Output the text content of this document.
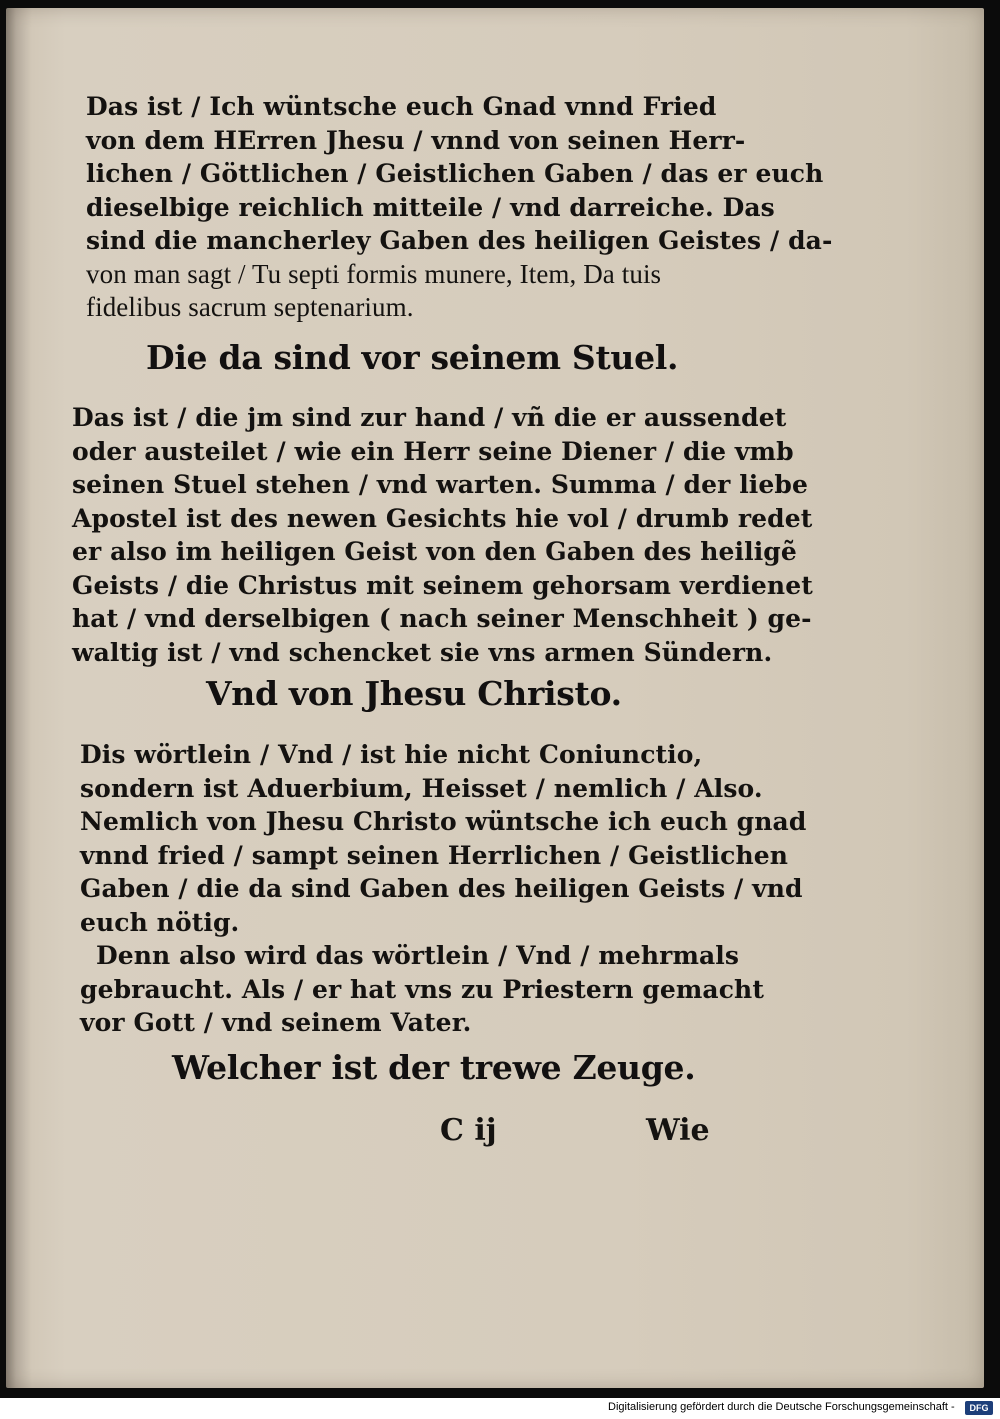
Das ist / Ich wüntsche euch Gnad vnnd Fried
von dem HErren Jhesu / vnnd von seinen Herr-
lichen / Göttlichen / Geistlichen Gaben / das er euch
dieselbige reichlich mitteile / vnd darreiche. Das
sind die mancherley Gaben des heiligen Geistes / da-
von man sagt / Tu septi formis munere, Item, Da tuis
fidelibus sacrum septenarium.
Die da sind vor seinem Stuel.
Das ist / die jm sind zur hand / vñ die er aussendet
oder austeilet / wie ein Herr seine Diener / die vmb
seinen Stuel stehen / vnd warten. Summa / der liebe
Apostel ist des newen Gesichts hie vol / drumb redet
er also im heiligen Geist von den Gaben des heiligẽ
Geists / die Christus mit seinem gehorsam verdienet
hat / vnd derselbigen ( nach seiner Menschheit ) ge-
waltig ist / vnd schencket sie vns armen Sündern.
Vnd von Jhesu Christo.
Dis wörtlein / Vnd / ist hie nicht Coniunctio,
sondern ist Aduerbium, Heisset / nemlich / Also.
Nemlich von Jhesu Christo wüntsche ich euch gnad
vnnd fried / sampt seinen Herrlichen / Geistlichen
Gaben / die da sind Gaben des heiligen Geists / vnd
euch nötig.
Denn also wird das wörtlein / Vnd / mehrmals
gebraucht. Als / er hat vns zu Priestern gemacht
vor Gott / vnd seinem Vater.
Welcher ist der trewe Zeuge.
C ij	Wie
Digitalisierung gefördert durch die Deutsche Forschungsgemeinschaft -	DFG
